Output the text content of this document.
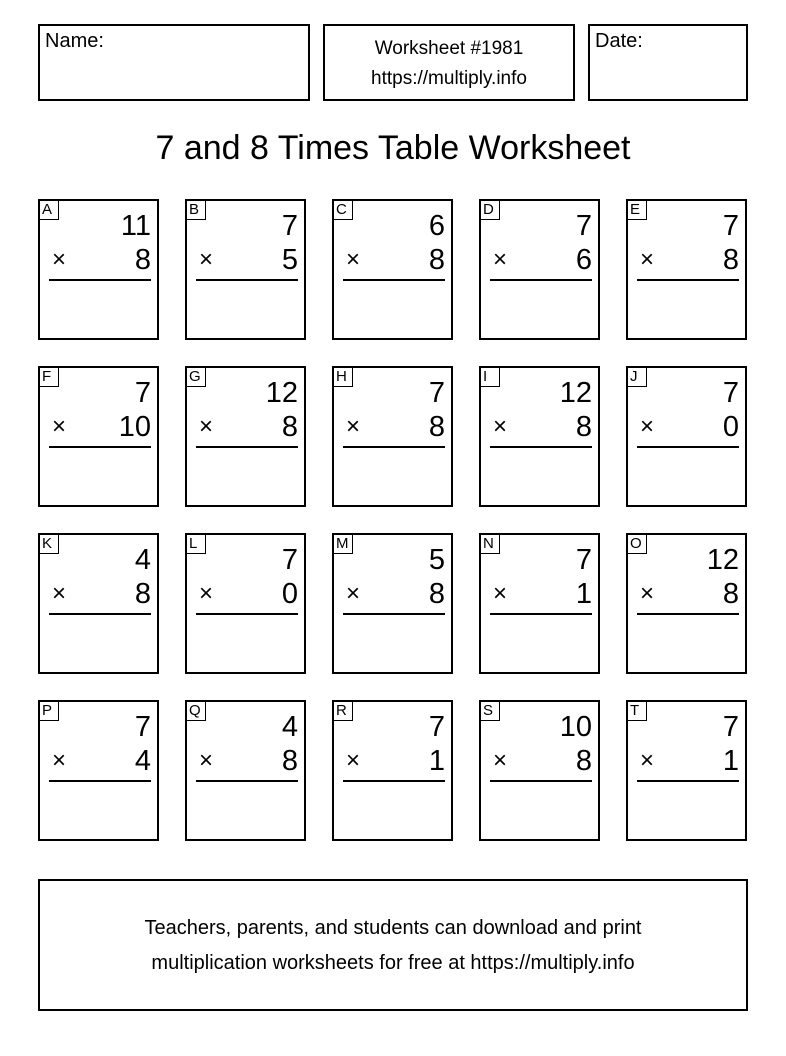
Name:	Worksheet #1981
https://multiply.info
Date:
7 and 8 Times Table Worksheet
A
11
× 8
B
7
× 5
C
6
× 8
D
7
× 6
E
7
× 8
F
7
× 10
G
12
× 8
H
7
× 8
I
12
× 8
J
7
× 0
K
4
× 8
L
7
× 0
M
5
× 8
N
7
× 1
O
12
× 8
P
7
× 4
Q
4
× 8
R
7
× 1
S
10
× 8
T
7
× 1
Teachers, parents, and students can download and print
multiplication worksheets for free at https://multiply.info
